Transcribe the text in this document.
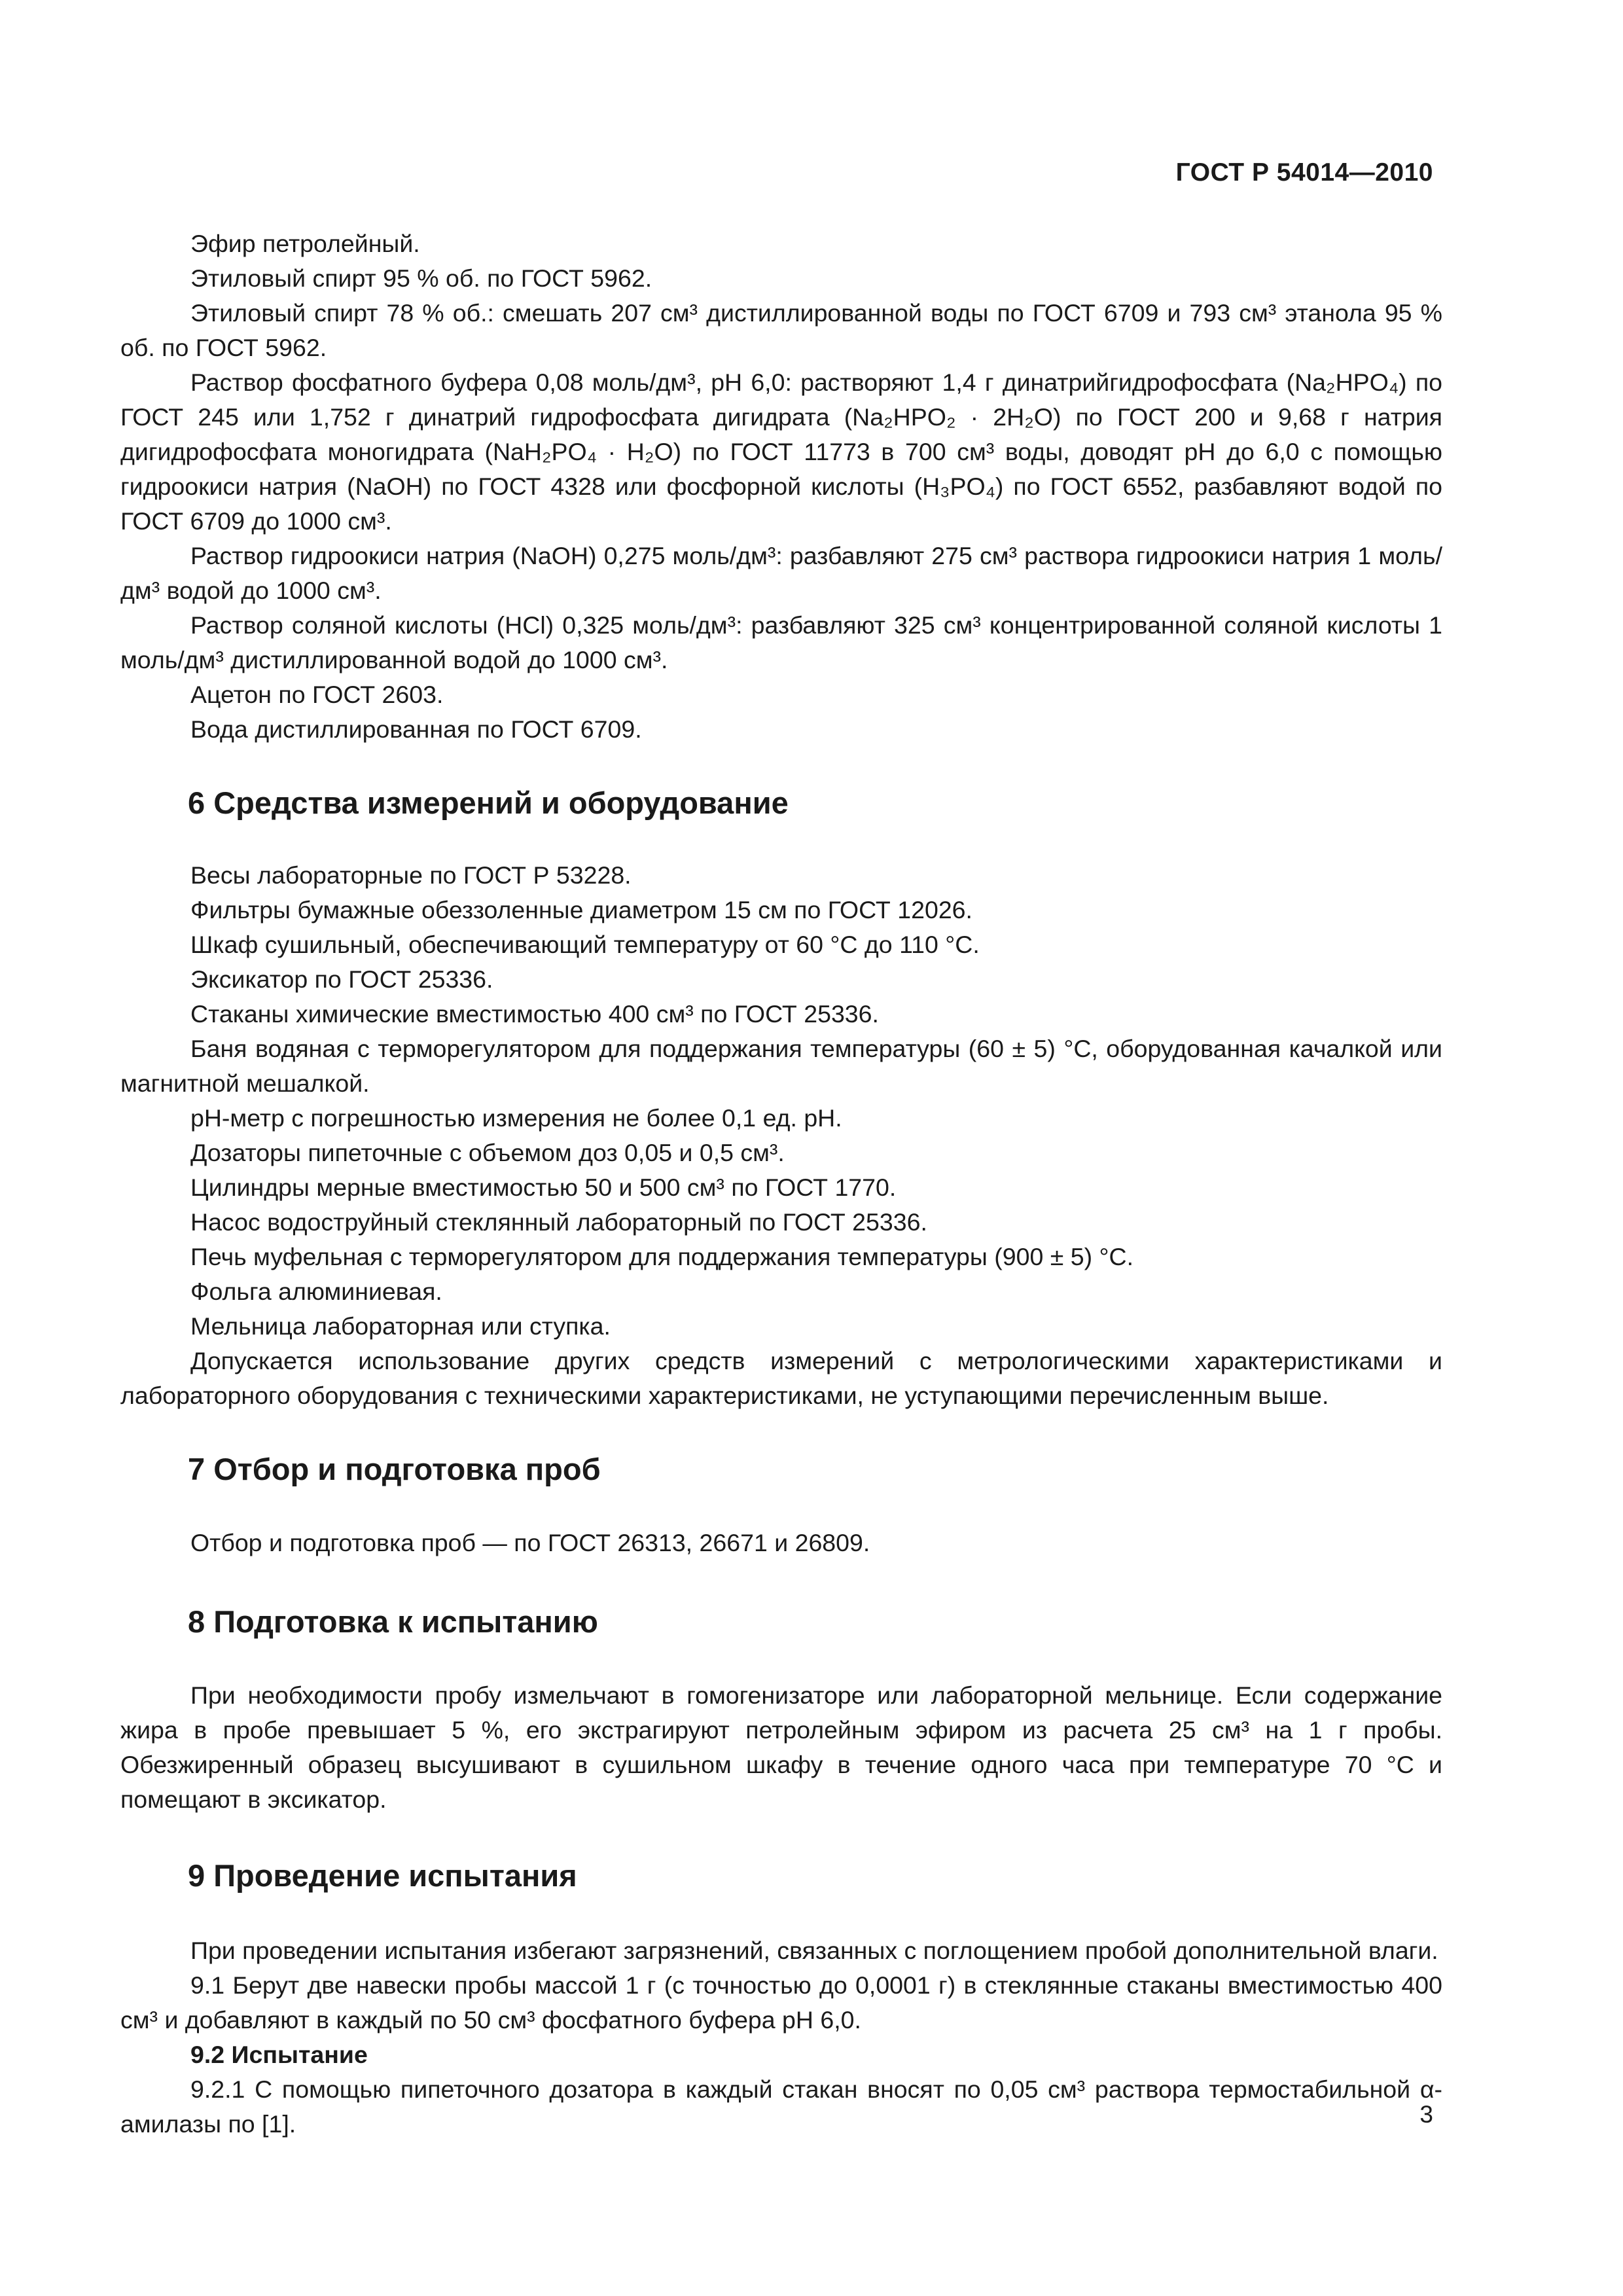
ГОСТ Р 54014—2010

Эфир петролейный.

Этиловый спирт 95 % об. по ГОСТ 5962.

Этиловый спирт 78 % об.: смешать 207 см³ дистиллированной воды по ГОСТ 6709 и 793 см³ этанола 95 % об. по ГОСТ 5962.

Раствор фосфатного буфера 0,08 моль/дм³, рН 6,0: растворяют 1,4 г динатрийгидрофосфата (Na₂HPO₄) по ГОСТ 245 или 1,752 г динатрий гидрофосфата дигидрата (Na₂HPO₂ · 2H₂O) по ГОСТ 200 и 9,68 г натрия дигидрофосфата моногидрата (NaH₂PO₄ · H₂O) по ГОСТ 11773 в 700 см³ воды, доводят рН до 6,0 с помощью гидроокиси натрия (NaOH) по ГОСТ 4328 или фосфорной кислоты (H₃PO₄) по ГОСТ 6552, разбавляют водой по ГОСТ 6709 до 1000 см³.

Раствор гидроокиси натрия (NaOH) 0,275 моль/дм³: разбавляют 275 см³ раствора гидроокиси натрия 1 моль/дм³ водой до 1000 см³.

Раствор соляной кислоты (HCl) 0,325 моль/дм³: разбавляют 325 см³ концентрированной соляной кислоты 1 моль/дм³ дистиллированной водой до 1000 см³.

Ацетон по ГОСТ 2603.

Вода дистиллированная по ГОСТ 6709.

6 Средства измерений и оборудование

Весы лабораторные по ГОСТ Р 53228.

Фильтры бумажные обеззоленные диаметром 15 см по ГОСТ 12026.

Шкаф сушильный, обеспечивающий температуру от 60 °С до 110 °С.

Эксикатор по ГОСТ 25336.

Стаканы химические вместимостью 400 см³ по ГОСТ 25336.

Баня водяная с терморегулятором для поддержания температуры (60 ± 5) °С, оборудованная качалкой или магнитной мешалкой.

рН-метр с погрешностью измерения не более 0,1 ед. рН.

Дозаторы пипеточные с объемом доз 0,05 и 0,5 см³.

Цилиндры мерные вместимостью 50 и 500 см³ по ГОСТ 1770.

Насос водоструйный стеклянный лабораторный по ГОСТ 25336.

Печь муфельная с терморегулятором для поддержания температуры (900 ± 5) °С.

Фольга алюминиевая.

Мельница лабораторная или ступка.

Допускается использование других средств измерений с метрологическими характеристиками и лабораторного оборудования с техническими характеристиками, не уступающими перечисленным выше.

7 Отбор и подготовка проб

Отбор и подготовка проб — по ГОСТ 26313, 26671 и 26809.

8 Подготовка к испытанию

При необходимости пробу измельчают в гомогенизаторе или лабораторной мельнице. Если содержание жира в пробе превышает 5 %, его экстрагируют петролейным эфиром из расчета 25 см³ на 1 г пробы. Обезжиренный образец высушивают в сушильном шкафу в течение одного часа при температуре 70 °С и помещают в эксикатор.

9 Проведение испытания

При проведении испытания избегают загрязнений, связанных с поглощением пробой дополнительной влаги.

9.1 Берут две навески пробы массой 1 г (с точностью до 0,0001 г) в стеклянные стаканы вместимостью 400 см³ и добавляют в каждый по 50 см³ фосфатного буфера рН 6,0.

9.2 Испытание

9.2.1 С помощью пипеточного дозатора в каждый стакан вносят по 0,05 см³ раствора термостабильной α-амилазы по [1].	3
